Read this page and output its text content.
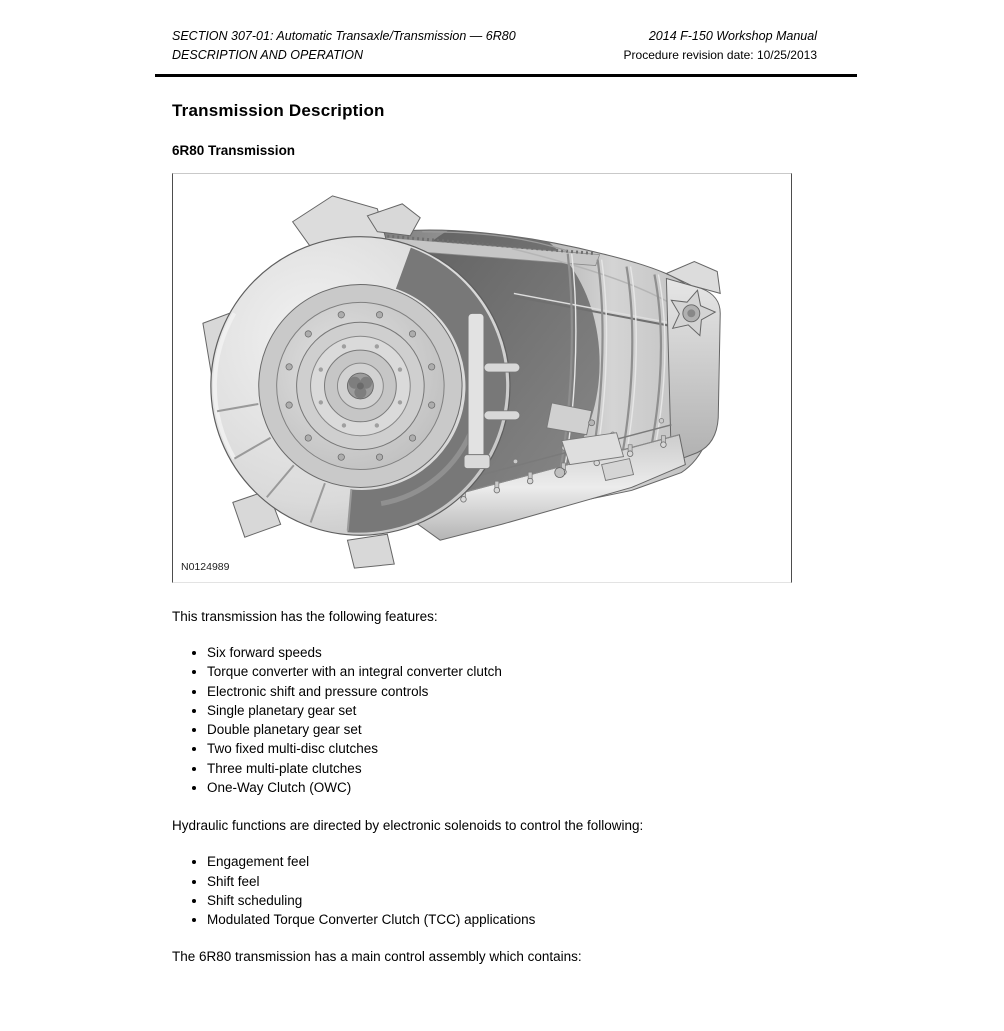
SECTION 307-01: Automatic Transaxle/Transmission — 6R80
DESCRIPTION AND OPERATION
2014 F-150 Workshop Manual
Procedure revision date: 10/25/2013
Transmission Description
6R80 Transmission
N0124989

This transmission has the following features:

• Six forward speeds
• Torque converter with an integral converter clutch
• Electronic shift and pressure controls
• Single planetary gear set
• Double planetary gear set
• Two fixed multi-disc clutches
• Three multi-plate clutches
• One-Way Clutch (OWC)

Hydraulic functions are directed by electronic solenoids to control the following:

• Engagement feel
• Shift feel
• Shift scheduling
• Modulated Torque Converter Clutch (TCC) applications

The 6R80 transmission has a main control assembly which contains:
